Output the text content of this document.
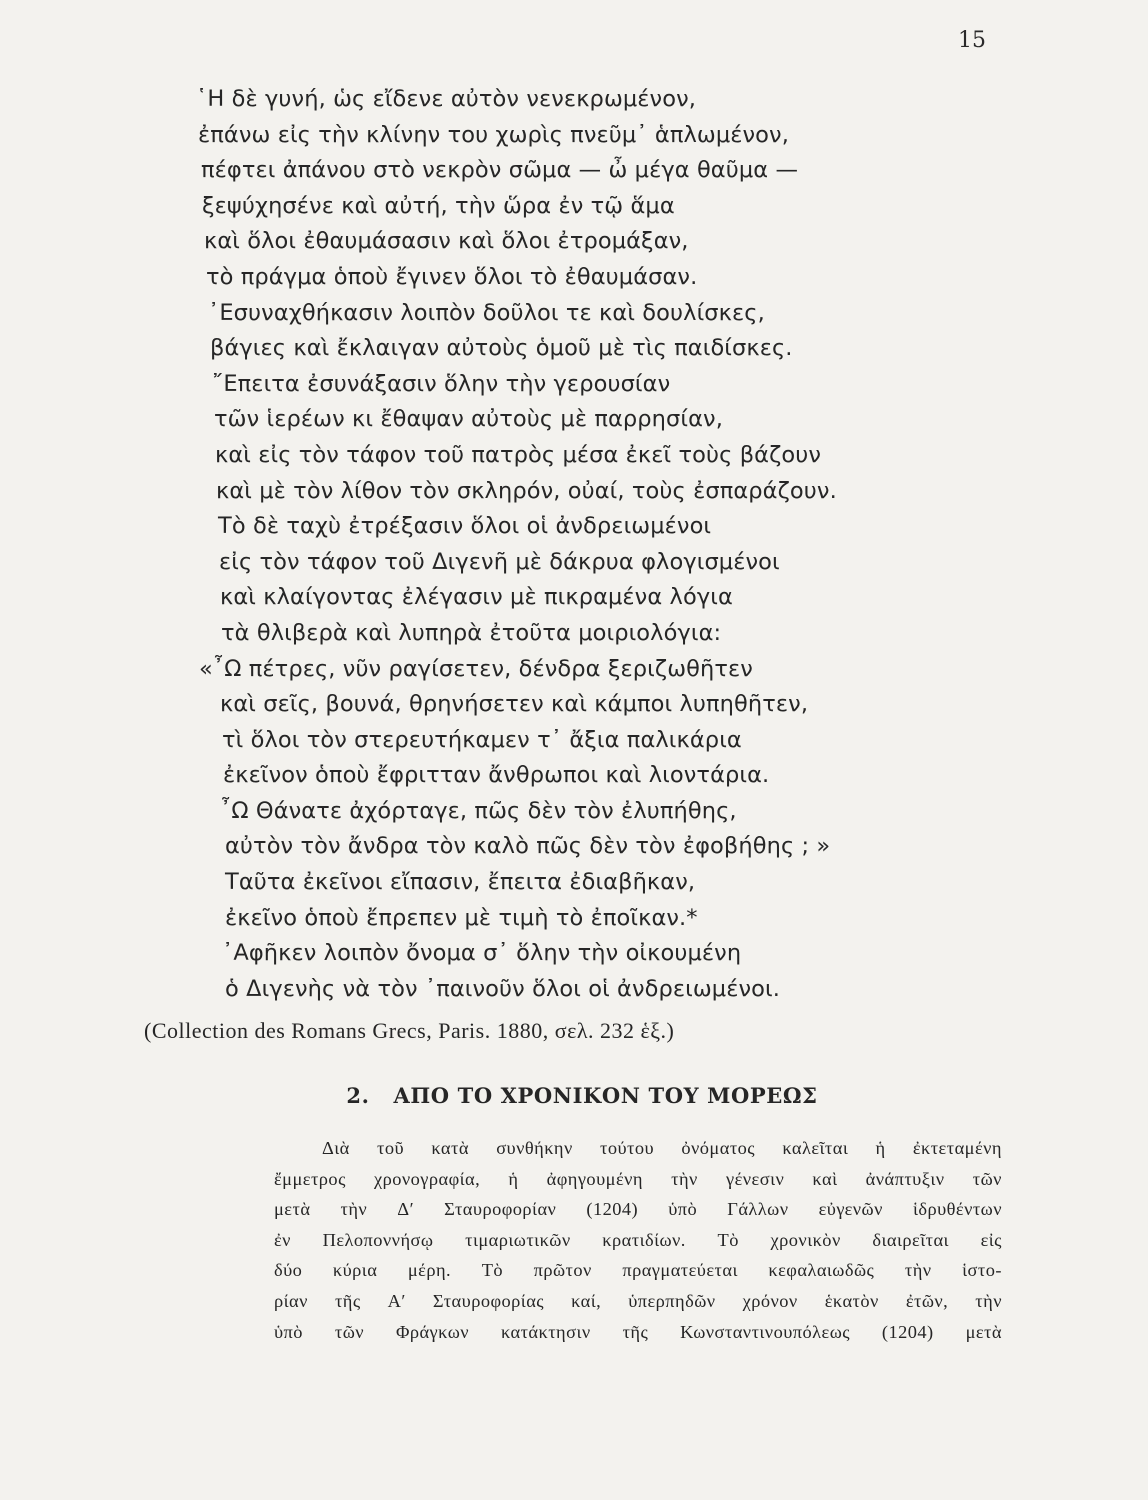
15
῾Η δὲ γυνή, ὡς εἴδενε αὐτὸν νενεκρωμένον,
ἐπάνω εἰς τὴν κλίνην του χωρὶς πνεῦμ᾽ ἁπλωμένον,
πέφτει ἀπάνου στὸ νεκρὸν σῶμα — ὦ μέγα θαῦμα —
ξεψύχησένε καὶ αὐτή, τὴν ὥρα ἐν τῷ ἅμα
καὶ ὅλοι ἐθαυμάσασιν καὶ ὅλοι ἐτρομάξαν,
τὸ πράγμα ὁποὺ ἔγινεν ὅλοι τὸ ἐθαυμάσαν.
᾿Εσυναχθήκασιν λοιπὸν δοῦλοι τε καὶ δουλίσκες,
βάγιες καὶ ἔκλαιγαν αὐτοὺς ὁμοῦ μὲ τὶς παιδίσκες.
῎Επειτα ἐσυνάξασιν ὅλην τὴν γερουσίαν
τῶν ἱερέων κι ἔθαψαν αὐτοὺς μὲ παρρησίαν,
καὶ εἰς τὸν τάφον τοῦ πατρὸς μέσα ἐκεῖ τοὺς βάζουν
καὶ μὲ τὸν λίθον τὸν σκληρόν, οὐαί, τοὺς ἐσπαράζουν.
Τὸ δὲ ταχὺ ἐτρέξασιν ὅλοι οἱ ἀνδρειωμένοι
εἰς τὸν τάφον τοῦ Διγενῆ μὲ δάκρυα φλογισμένοι
καὶ κλαίγοντας ἐλέγασιν μὲ πικραμένα λόγια
τὰ θλιβερὰ καὶ λυπηρὰ ἐτοῦτα μοιριολόγια:
«῏Ω πέτρες, νῦν ραγίσετεν, δένδρα ξεριζωθῆτεν
καὶ σεῖς, βουνά, θρηνήσετεν καὶ κάμποι λυπηθῆτεν,
τὶ ὅλοι τὸν στερευτήκαμεν τ᾽ ἄξια παλικάρια
ἐκεῖνον ὁποὺ ἔφριτταν ἄνθρωποι καὶ λιοντάρια.
῏Ω Θάνατε ἀχόρταγε, πῶς δὲν τὸν ἐλυπήθης,
αὐτὸν τὸν ἄνδρα τὸν καλὸ πῶς δὲν τὸν ἐφοβήθης ; »
Ταῦτα ἐκεῖνοι εἴπασιν, ἔπειτα ἐδιαβῆκαν,
ἐκεῖνο ὁποὺ ἔπρεπεν μὲ τιμὴ τὸ ἐποῖκαν.*
᾿Αφῆκεν λοιπὸν ὄνομα σ᾽ ὅλην τὴν οἰκουμένη
ὁ Διγενὴς νὰ τὸν ᾽παινοῦν ὅλοι οἱ ἀνδρειωμένοι.
(Collection des Romans Grecs, Paris. 1880, σελ. 232 ἑξ.)
2. ΑΠΟ ΤΟ ΧΡΟΝΙΚΟΝ ΤΟΥ ΜΟΡΕΩΣ
Διὰ τοῦ κατὰ συνθήκην τούτου ὀνόματος καλεῖται ἡ ἐκτεταμένη
ἔμμετρος χρονογραφία, ἡ ἀφηγουμένη τὴν γένεσιν καὶ ἀνάπτυξιν τῶν
μετὰ τὴν Δ′ Σταυροφορίαν (1204) ὑπὸ Γάλλων εὐγενῶν ἱδρυθέντων
ἐν Πελοποννήσῳ τιμαριωτικῶν κρατιδίων. Τὸ χρονικὸν διαιρεῖται εἰς
δύο κύρια μέρη. Τὸ πρῶτον πραγματεύεται κεφαλαιωδῶς τὴν ἱστο-
ρίαν τῆς Α′ Σταυροφορίας καί, ὑπερπηδῶν χρόνον ἑκατὸν ἐτῶν, τὴν
ὑπὸ τῶν Φράγκων κατάκτησιν τῆς Κωνσταντινουπόλεως (1204) μετὰ
